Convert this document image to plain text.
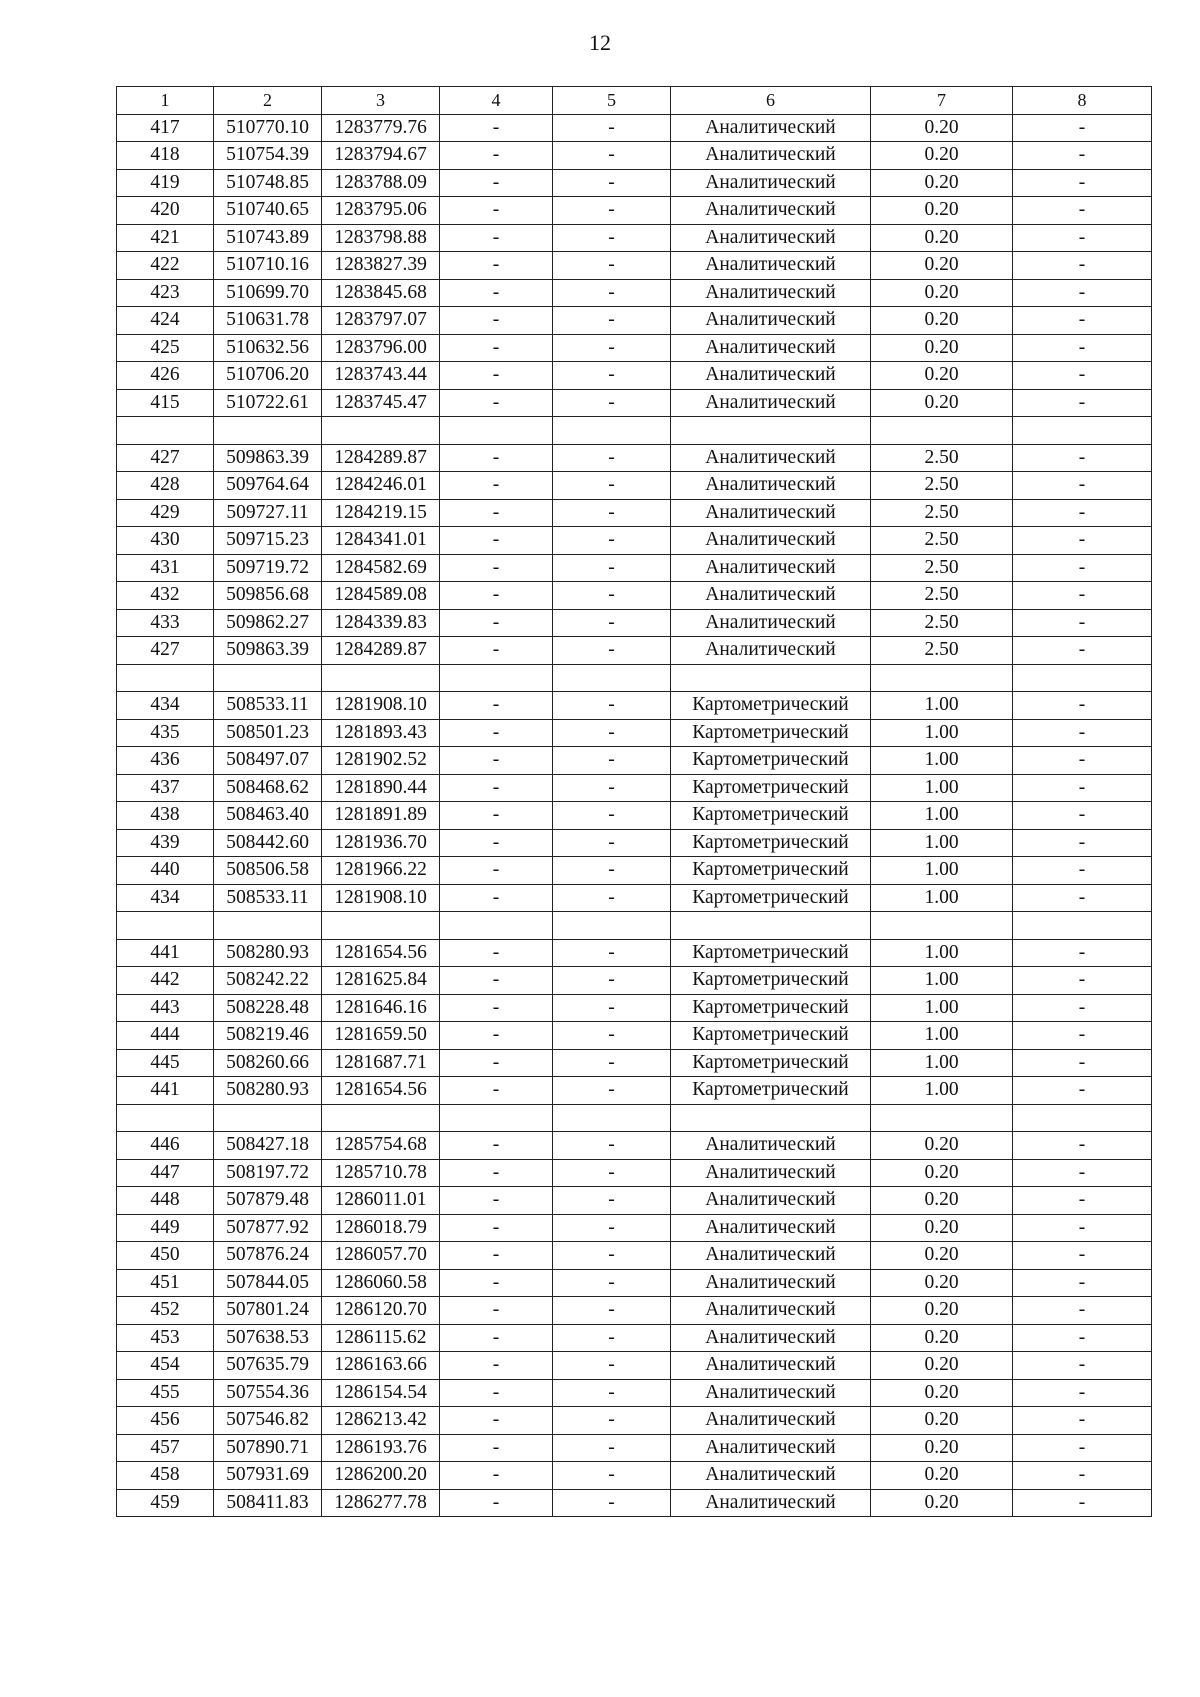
12
1	2	3	4	5	6	7	8
417	510770.10	1283779.76	-	-	Аналитический	0.20	-
418	510754.39	1283794.67	-	-	Аналитический	0.20	-
419	510748.85	1283788.09	-	-	Аналитический	0.20	-
420	510740.65	1283795.06	-	-	Аналитический	0.20	-
421	510743.89	1283798.88	-	-	Аналитический	0.20	-
422	510710.16	1283827.39	-	-	Аналитический	0.20	-
423	510699.70	1283845.68	-	-	Аналитический	0.20	-
424	510631.78	1283797.07	-	-	Аналитический	0.20	-
425	510632.56	1283796.00	-	-	Аналитический	0.20	-
426	510706.20	1283743.44	-	-	Аналитический	0.20	-
415	510722.61	1283745.47	-	-	Аналитический	0.20	-

427	509863.39	1284289.87	-	-	Аналитический	2.50	-
428	509764.64	1284246.01	-	-	Аналитический	2.50	-
429	509727.11	1284219.15	-	-	Аналитический	2.50	-
430	509715.23	1284341.01	-	-	Аналитический	2.50	-
431	509719.72	1284582.69	-	-	Аналитический	2.50	-
432	509856.68	1284589.08	-	-	Аналитический	2.50	-
433	509862.27	1284339.83	-	-	Аналитический	2.50	-
427	509863.39	1284289.87	-	-	Аналитический	2.50	-

434	508533.11	1281908.10	-	-	Картометрический	1.00	-
435	508501.23	1281893.43	-	-	Картометрический	1.00	-
436	508497.07	1281902.52	-	-	Картометрический	1.00	-
437	508468.62	1281890.44	-	-	Картометрический	1.00	-
438	508463.40	1281891.89	-	-	Картометрический	1.00	-
439	508442.60	1281936.70	-	-	Картометрический	1.00	-
440	508506.58	1281966.22	-	-	Картометрический	1.00	-
434	508533.11	1281908.10	-	-	Картометрический	1.00	-

441	508280.93	1281654.56	-	-	Картометрический	1.00	-
442	508242.22	1281625.84	-	-	Картометрический	1.00	-
443	508228.48	1281646.16	-	-	Картометрический	1.00	-
444	508219.46	1281659.50	-	-	Картометрический	1.00	-
445	508260.66	1281687.71	-	-	Картометрический	1.00	-
441	508280.93	1281654.56	-	-	Картометрический	1.00	-

446	508427.18	1285754.68	-	-	Аналитический	0.20	-
447	508197.72	1285710.78	-	-	Аналитический	0.20	-
448	507879.48	1286011.01	-	-	Аналитический	0.20	-
449	507877.92	1286018.79	-	-	Аналитический	0.20	-
450	507876.24	1286057.70	-	-	Аналитический	0.20	-
451	507844.05	1286060.58	-	-	Аналитический	0.20	-
452	507801.24	1286120.70	-	-	Аналитический	0.20	-
453	507638.53	1286115.62	-	-	Аналитический	0.20	-
454	507635.79	1286163.66	-	-	Аналитический	0.20	-
455	507554.36	1286154.54	-	-	Аналитический	0.20	-
456	507546.82	1286213.42	-	-	Аналитический	0.20	-
457	507890.71	1286193.76	-	-	Аналитический	0.20	-
458	507931.69	1286200.20	-	-	Аналитический	0.20	-
459	508411.83	1286277.78	-	-	Аналитический	0.20	-
